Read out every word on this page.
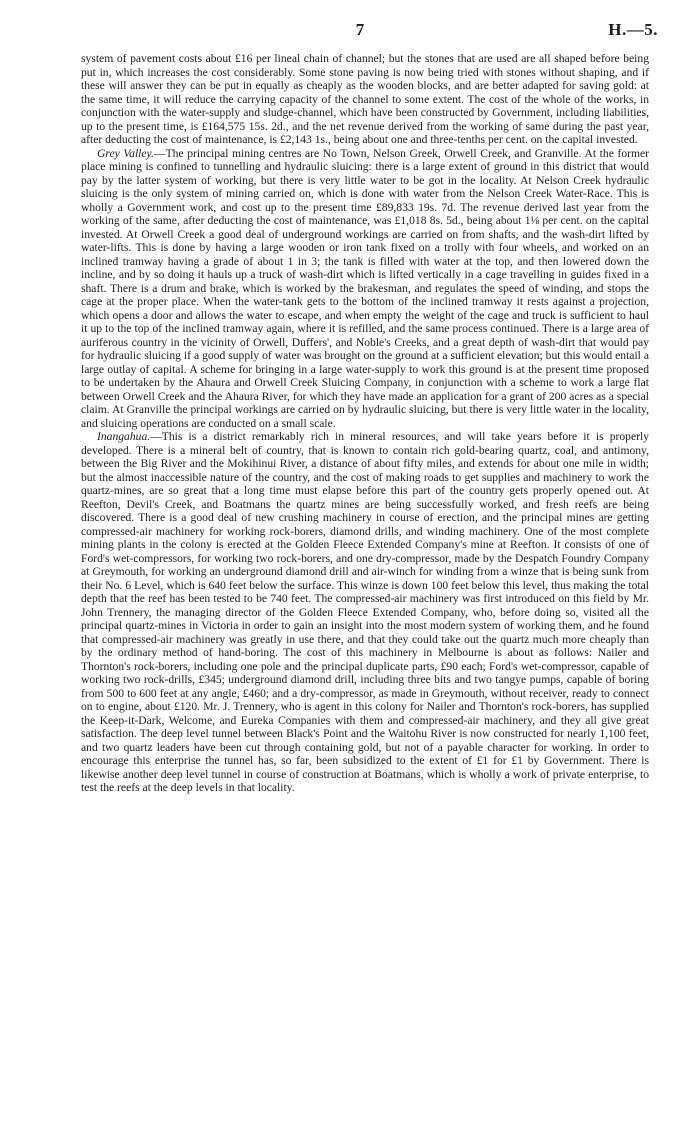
7	H.—5.

system of pavement costs about £16 per lineal chain of channel; but the stones that are used are all shaped before being put in, which increases the cost considerably. Some stone paving is now being tried with stones without shaping, and if these will answer they can be put in equally as cheaply as the wooden blocks, and are better adapted for saving gold: at the same time, it will reduce the carrying capacity of the channel to some extent. The cost of the whole of the works, in conjunction with the water-supply and sludge-channel, which have been constructed by Government, including liabilities, up to the present time, is £164,575 15s. 2d., and the net revenue derived from the working of same during the past year, after deducting the cost of maintenance, is £2,143 1s., being about one and three-tenths per cent. on the capital invested.

Grey Valley.—The principal mining centres are No Town, Nelson Greek, Orwell Creek, and Granville. At the former place mining is confined to tunnelling and hydraulic sluicing: there is a large extent of ground in this district that would pay by the latter system of working, but there is very little water to be got in the locality. At Nelson Creek hydraulic sluicing is the only system of mining carried on, which is done with water from the Nelson Creek Water-Race. This is wholly a Government work, and cost up to the present time £89,833 19s. 7d. The revenue derived last year from the working of the same, after deducting the cost of maintenance, was £1,018 8s. 5d., being about 1⅛ per cent. on the capital invested. At Orwell Creek a good deal of underground workings are carried on from shafts, and the wash-dirt lifted by water-lifts. This is done by having a large wooden or iron tank fixed on a trolly with four wheels, and worked on an inclined tramway having a grade of about 1 in 3; the tank is filled with water at the top, and then lowered down the incline, and by so doing it hauls up a truck of wash-dirt which is lifted vertically in a cage travelling in guides fixed in a shaft. There is a drum and brake, which is worked by the brakesman, and regulates the speed of winding, and stops the cage at the proper place. When the water-tank gets to the bottom of the inclined tramway it rests against a projection, which opens a door and allows the water to escape, and when empty the weight of the cage and truck is sufficient to haul it up to the top of the inclined tramway again, where it is refilled, and the same process continued. There is a large area of auriferous country in the vicinity of Orwell, Duffers', and Noble's Creeks, and a great depth of wash-dirt that would pay for hydraulic sluicing if a good supply of water was brought on the ground at a sufficient elevation; but this would entail a large outlay of capital. A scheme for bringing in a large water-supply to work this ground is at the present time proposed to be undertaken by the Ahaura and Orwell Creek Sluicing Company, in conjunction with a scheme to work a large flat between Orwell Creek and the Ahaura River, for which they have made an application for a grant of 200 acres as a special claim. At Granville the principal workings are carried on by hydraulic sluicing, but there is very little water in the locality, and sluicing operations are conducted on a small scale.

Inangahua.—This is a district remarkably rich in mineral resources, and will take years before it is properly developed. There is a mineral belt of country, that is known to contain rich gold-bearing quartz, coal, and antimony, between the Big River and the Mokihinui River, a distance of about fifty miles, and extends for about one mile in width; but the almost inaccessible nature of the country, and the cost of making roads to get supplies and machinery to work the quartz-mines, are so great that a long time must elapse before this part of the country gets properly opened out. At Reefton, Devil's Creek, and Boatmans the quartz mines are being successfully worked, and fresh reefs are being discovered. There is a good deal of new crushing machinery in course of erection, and the principal mines are getting compressed-air machinery for working rock-borers, diamond drills, and winding machinery. One of the most complete mining plants in the colony is erected at the Golden Fleece Extended Company's mine at Reefton. It consists of one of Ford's wet-compressors, for working two rock-borers, and one dry-compressor, made by the Despatch Foundry Company at Greymouth, for working an underground diamond drill and air-winch for winding from a winze that is being sunk from their No. 6 Level, which is 640 feet below the surface. This winze is down 100 feet below this level, thus making the total depth that the reef has been tested to be 740 feet. The compressed-air machinery was first introduced on this field by Mr. John Trennery, the managing director of the Golden Fleece Extended Company, who, before doing so, visited all the principal quartz-mines in Victoria in order to gain an insight into the most modern system of working them, and he found that compressed-air machinery was greatly in use there, and that they could take out the quartz much more cheaply than by the ordinary method of hand-boring. The cost of this machinery in Melbourne is about as follows: Nailer and Thornton's rock-borers, including one pole and the principal duplicate parts, £90 each; Ford's wet-compressor, capable of working two rock-drills, £345; underground diamond drill, including three bits and two tangye pumps, capable of boring from 500 to 600 feet at any angle, £460; and a dry-compressor, as made in Greymouth, without receiver, ready to connect on to engine, about £120. Mr. J. Trennery, who is agent in this colony for Nailer and Thornton's rock-borers, has supplied the Keep-it-Dark, Welcome, and Eureka Companies with them and compressed-air machinery, and they all give great satisfaction. The deep level tunnel between Black's Point and the Waitohu River is now constructed for nearly 1,100 feet, and two quartz leaders have been cut through containing gold, but not of a payable character for working. In order to encourage this enterprise the tunnel has, so far, been subsidized to the extent of £1 for £1 by Government. There is likewise another deep level tunnel in course of construction at Boatmans, which is wholly a work of private enterprise, to test the reefs at the deep levels in that locality.
